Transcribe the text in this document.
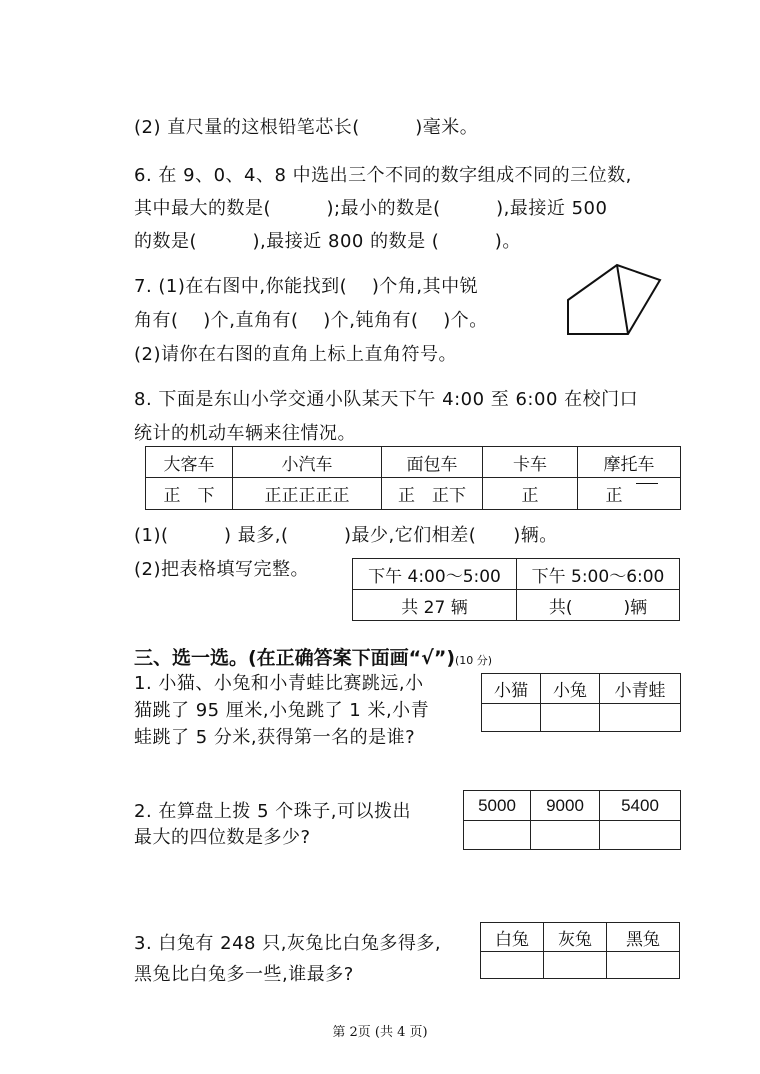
(2) 直尺量的这根铅笔芯长(　　　)毫米。
6. 在 9、0、4、8 中选出三个不同的数字组成不同的三位数,
其中最大的数是(　　　);最小的数是(　　　),最接近 500
的数是(　　　),最接近 800 的数是 (　　　)。
7. (1)在右图中,你能找到(　 )个角,其中锐
角有(　 )个,直角有(　 )个,钝角有(　 )个。
(2)请你在右图的直角上标上直角符号。
8. 下面是东山小学交通小队某天下午 4:00 至 6:00 在校门口
统计的机动车辆来往情况。
大客车	小汽车	面包车	卡车	摩托车
正　下	正正正正正	正　正下	正	正
(1)(　　　) 最多,(　　　)最少,它们相差(　　)辆。
(2)把表格填写完整。	下午 4:00～5:00	下午 5:00～6:00
共 27 辆	共(　　　)辆
三、选一选。(在正确答案下面画“√”)(10 分)
1. 小猫、小兔和小青蛙比赛跳远,小
猫跳了 95 厘米,小兔跳了 1 米,小青
蛙跳了 5 分米,获得第一名的是谁?
小猫	小兔	小青蛙

2. 在算盘上拨 5 个珠子,可以拨出
最大的四位数是多少?
5000	9000	5400

3. 白兔有 248 只,灰兔比白兔多得多,
黑兔比白兔多一些,谁最多?
白兔	灰兔	黑兔

第 2页 (共 4 页)
